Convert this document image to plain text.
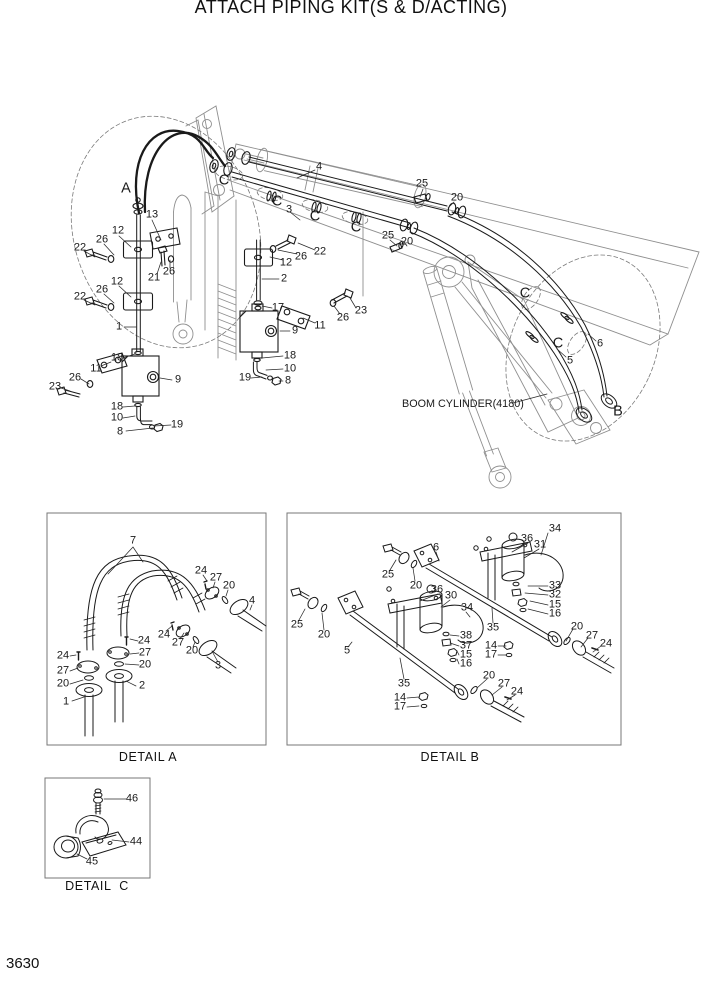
ATTACH PIPING KIT(S & D/ACTING)
A	C
C 3 C
C
C
C
B
4
25
20
25 20
13
12
26
22
21 26
12
26
22
22
26
12
2
1
17	23
26
11
9
18
11
26
23
9
18
10
19	8
18
10
8
19
5
6
7
24
27
20
4
24
27
20
3
24
27
20
2
24
27
20
1
34
36 31
25
6
20 36 30
34
33
32
15
16
25
20
5
35	20
27
24
38
37
15
16
14
17
35
14
17
20
27
24
46
44
45
BOOM CYLINDER(4180)
DETAIL A	DETAIL B
DETAIL  C
3630
